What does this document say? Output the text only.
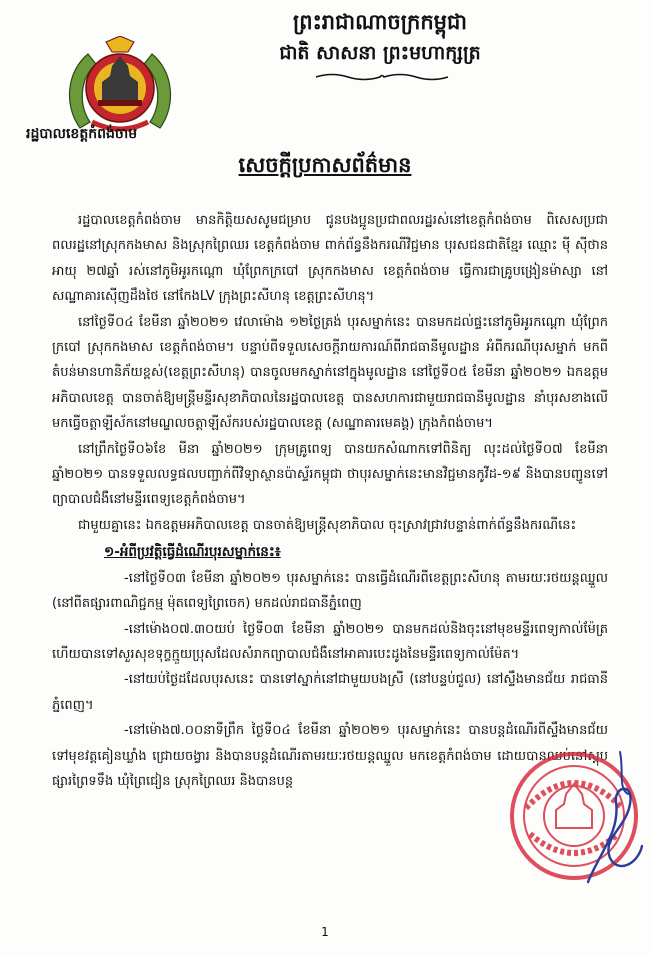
ព្រះរាជាណាចក្រកម្ពុជា
ជាតិ សាសនា ព្រះមហាក្សត្រ
រដ្ឋបាលខេត្តកំពង់ចាម
សេចក្ដីប្រកាសព័ត៌មាន

រដ្ឋបាលខេត្តកំពង់ចាម មានកិត្តិយសសូមជម្រាប ជូនបងប្អូនប្រជាពលរដ្ឋរស់នៅខេត្តកំពង់ចាម ពិសេសប្រជាពលរដ្ឋនៅស្រុកកងមាស និងស្រុកព្រៃឈរ ខេត្តកំពង់ចាម ពាក់ព័ន្ធនឹងករណីវិជ្ជមាន បុរសជនជាតិខ្មែរ ឈ្មោះ ម៉ី ស៊ីថាន អាយុ ២៧ឆ្នាំ រស់នៅភូមិអូរកណ្ដោ ឃុំព្រែកក្របៅ ស្រុកកងមាស ខេត្តកំពង់ចាម ធ្វើការជាគ្រូបង្រៀនម៉ាស្សា នៅសណ្ឋាគារស៊ើញដឹងថៃ នៅកែងLV ក្រុងព្រះសីហនុ ខេត្តព្រះសីហនុ។

នៅថ្ងៃទី០៤ ខែមីនា ឆ្នាំ២០២១ វេលាម៉ោង ១២ថ្ងៃត្រង់ បុរសម្នាក់នេះ បានមកដល់ផ្ទះនៅភូមិអូរកណ្ដោ ឃុំព្រែកក្របៅ ស្រុកកងមាស ខេត្តកំពង់ចាម។ បន្ទាប់ពីទទួលសេចក្ដីរាយការណ៍ពីរាជធានីមូលដ្ឋាន អំពីករណីបុរសម្នាក់ មកពីតំបន់មានហានិភ័យខ្ពស់(ខេត្តព្រះសីហនុ) បានចូលមកស្នាក់នៅក្នុងមូលដ្ឋាន នៅថ្ងៃទី០៥ ខែមីនា ឆ្នាំ២០២១ ឯកឧត្តមអភិបាលខេត្ត បានចាត់ឱ្យមន្ត្រីមន្ទីរសុខាភិបាលនៃរដ្ឋបាលខេត្ត បានសហការជាមួយរាជធានីមូលដ្ឋាន នាំបុរសខាងលើ មកធ្វើចត្តាឡីស័កនៅមណ្ឌលចត្តាឡីស័ករបស់រដ្ឋបាលខេត្ត (សណ្ឋាគារមេគង្គ) ក្រុងកំពង់ចាម។

នៅព្រឹកថ្ងៃទី០៦ខែ មីនា ឆ្នាំ២០២១ ក្រុមគ្រូពេទ្យ បានយកសំណាកទៅពិនិត្យ លុះដល់ថ្ងៃទី០៧ ខែមីនា ឆ្នាំ២០២១ បានទទួលលទ្ធផលបញ្ជាក់ពីវិទ្យាស្ថានប៉ាស្ទ័រកម្ពុជា ថាបុរសម្នាក់នេះមានវិជ្ជមានកូវីដ-១៩ និងបានបញ្ជូនទៅព្យាបាលជំងឺនៅមន្ទីរពេទ្យខេត្តកំពង់ចាម។

ជាមួយគ្នានេះ ឯកឧត្តមអភិបាលខេត្ត បានចាត់ឱ្យមន្ត្រីសុខាភិបាល ចុះស្រាវជ្រាវបន្ទាន់ពាក់ព័ន្ធនឹងករណីនេះ

១-អំពីប្រវត្តិធ្វើដំណើរបុរសម្នាក់នេះ៖

-នៅថ្ងៃទី០៣ ខែមីនា ឆ្នាំ២០២១ បុរសម្នាក់នេះ បានធ្វើដំណើរពីខេត្តព្រះសីហនុ តាមរយៈរថយន្តឈ្នួល (នៅពីតផ្សារពាណិជ្ជកម្ម ម៉ុតពេទ្យព្រៃចេក) មកដល់រាជធានីភ្នំពេញ

-នៅម៉ោង០៧.៣០យប់ ថ្ងៃទី០៣ ខែមីនា ឆ្នាំ២០២១ បានមកដល់និងចុះនៅមុខមន្ទីរពេទ្យកាល់ម៉ែត្រ ហើយបានទៅសួរសុខទុក្ខក្មួយប្រុសដែលសំរាកព្យាបាលជំងឺនៅអាគារបេះដូងនៃមន្ទីរពេទ្យកាល់ម៉ែត។

-នៅយប់ថ្ងៃដដែលបុរសនេះ បានទៅស្នាក់នៅជាមួយបងស្រី (នៅបន្ទប់ជួល) នៅស្ទឹងមានជ័យ រាជធានីភ្នំពេញ។

-នៅម៉ោង៧.០០នាទីព្រឹក ថ្ងៃទី០៤ ខែមីនា ឆ្នាំ២០២១ បុរសម្នាក់នេះ បានបន្តដំណើរពីស្ទឹងមានជ័យ ទៅមុខវត្តគៀនឃ្លាំង ជ្រោយចង្វារ និងបានបន្តដំណើរតាមរយៈរថយន្តឈ្នួល មកខេត្តកំពង់ចាម ដោយបានឈប់នៅស្តុបផ្សារព្រៃទទឹង ឃុំព្រៃជៀន ស្រុកព្រៃឈរ និងបានបន្ត

1
